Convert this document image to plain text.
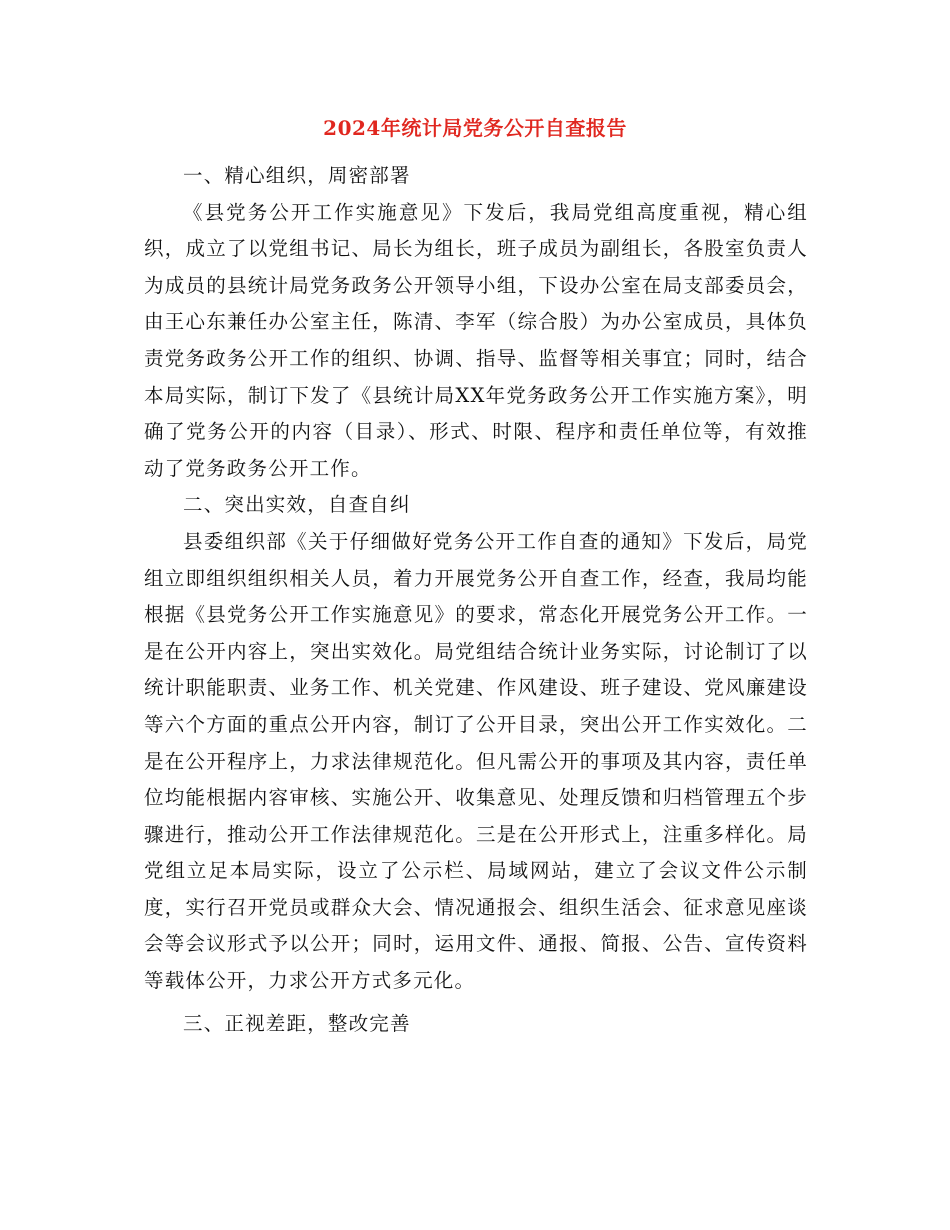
2024年统计局党务公开自查报告

一、精心组织，周密部署

《县党务公开工作实施意见》下发后，我局党组高度重视，精心组织，成立了以党组书记、局长为组长，班子成员为副组长，各股室负责人为成员的县统计局党务政务公开领导小组，下设办公室在局支部委员会，由王心东兼任办公室主任，陈清、李军（综合股）为办公室成员，具体负责党务政务公开工作的组织、协调、指导、监督等相关事宜；同时，结合本局实际，制订下发了《县统计局XX年党务政务公开工作实施方案》，明确了党务公开的内容（目录）、形式、时限、程序和责任单位等，有效推动了党务政务公开工作。

二、突出实效，自查自纠

县委组织部《关于仔细做好党务公开工作自查的通知》下发后，局党组立即组织组织相关人员，着力开展党务公开自查工作，经查，我局均能根据《县党务公开工作实施意见》的要求，常态化开展党务公开工作。一是在公开内容上，突出实效化。局党组结合统计业务实际，讨论制订了以统计职能职责、业务工作、机关党建、作风建设、班子建设、党风廉建设等六个方面的重点公开内容，制订了公开目录，突出公开工作实效化。二是在公开程序上，力求法律规范化。但凡需公开的事项及其内容，责任单位均能根据内容审核、实施公开、收集意见、处理反馈和归档管理五个步骤进行，推动公开工作法律规范化。三是在公开形式上，注重多样化。局党组立足本局实际，设立了公示栏、局域网站，建立了会议文件公示制度，实行召开党员或群众大会、情况通报会、组织生活会、征求意见座谈会等会议形式予以公开；同时，运用文件、通报、简报、公告、宣传资料等载体公开，力求公开方式多元化。

三、正视差距，整改完善
